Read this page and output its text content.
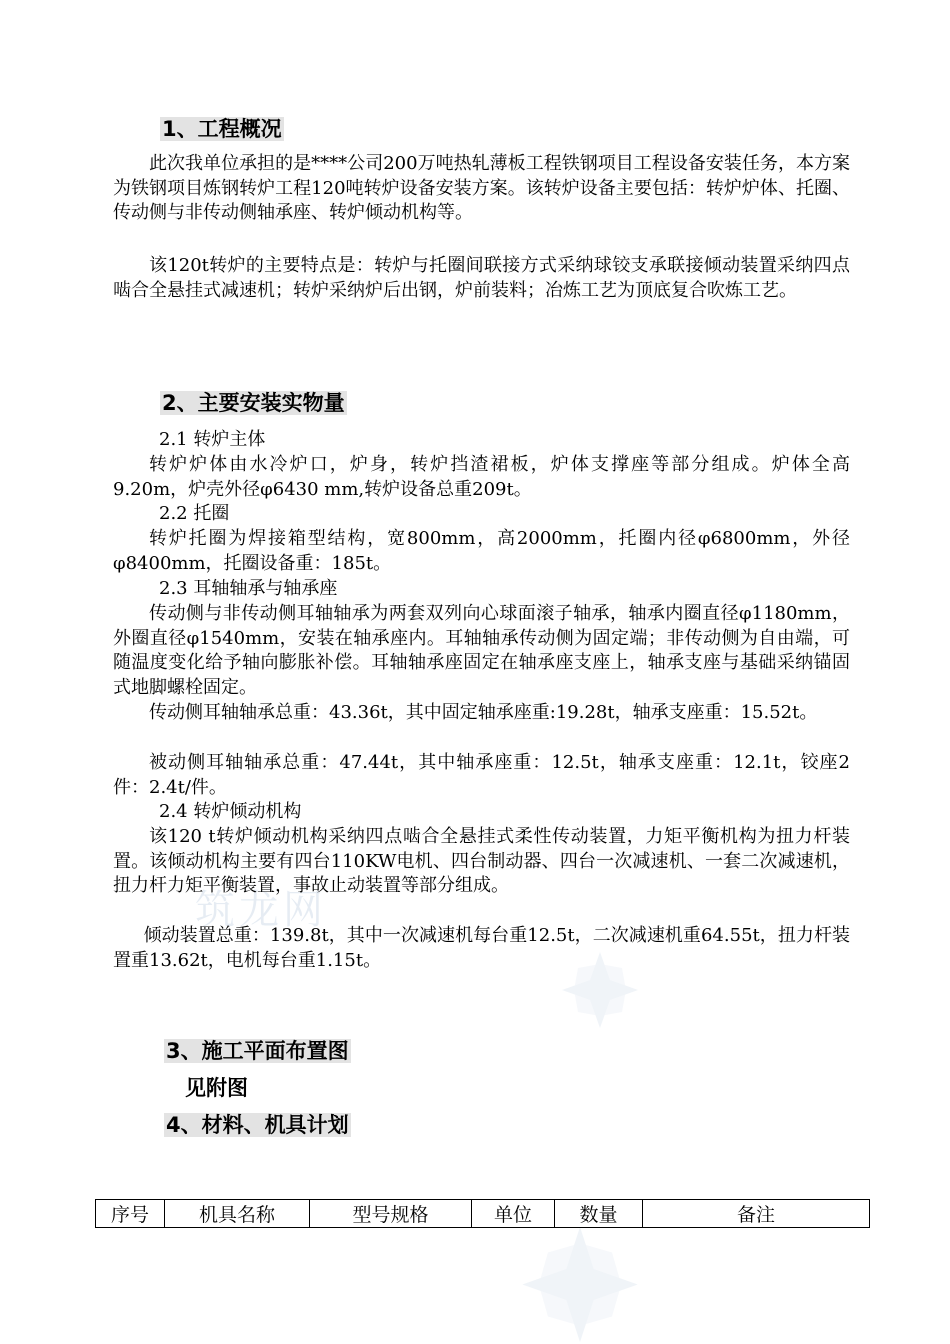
筑龙网
1、工程概况

此次我单位承担的是****公司200万吨热轧薄板工程铁钢项目工程设备安装任务，本方案为铁钢项目炼钢转炉工程120吨转炉设备安装方案。该转炉设备主要包括：转炉炉体、托圈、传动侧与非传动侧轴承座、转炉倾动机构等。

该120t转炉的主要特点是：转炉与托圈间联接方式采纳球铰支承联接倾动装置采纳四点啮合全悬挂式减速机；转炉采纳炉后出钢，炉前装料；冶炼工艺为顶底复合吹炼工艺。

2、主要安装实物量

2.1 转炉主体

转炉炉体由水冷炉口，炉身，转炉挡渣裙板，炉体支撑座等部分组成。炉体全高9.20m，炉壳外径φ6430 mm,转炉设备总重209t。

2.2 托圈

转炉托圈为焊接箱型结构，宽800mm，高2000mm，托圈内径φ6800mm，外径φ8400mm，托圈设备重：185t。

2.3 耳轴轴承与轴承座

传动侧与非传动侧耳轴轴承为两套双列向心球面滚子轴承，轴承内圈直径φ1180mm，外圈直径φ1540mm，安装在轴承座内。耳轴轴承传动侧为固定端；非传动侧为自由端，可随温度变化给予轴向膨胀补偿。耳轴轴承座固定在轴承座支座上，轴承支座与基础采纳锚固式地脚螺栓固定。

传动侧耳轴轴承总重：43.36t，其中固定轴承座重:19.28t，轴承支座重：15.52t。

被动侧耳轴轴承总重：47.44t，其中轴承座重：12.5t，轴承支座重：12.1t，铰座2件：2.4t/件。

2.4 转炉倾动机构

该120 t转炉倾动机构采纳四点啮合全悬挂式柔性传动装置，力矩平衡机构为扭力杆装置。该倾动机构主要有四台110KW电机、四台制动器、四台一次减速机、一套二次减速机，扭力杆力矩平衡装置，事故止动装置等部分组成。

倾动装置总重：139.8t，其中一次减速机每台重12.5t，二次减速机重64.55t，扭力杆装置重13.62t，电机每台重1.15t。

3、施工平面布置图
见附图
4、材料、机具计划
序号	机具名称	型号规格	单位	数量	备注
